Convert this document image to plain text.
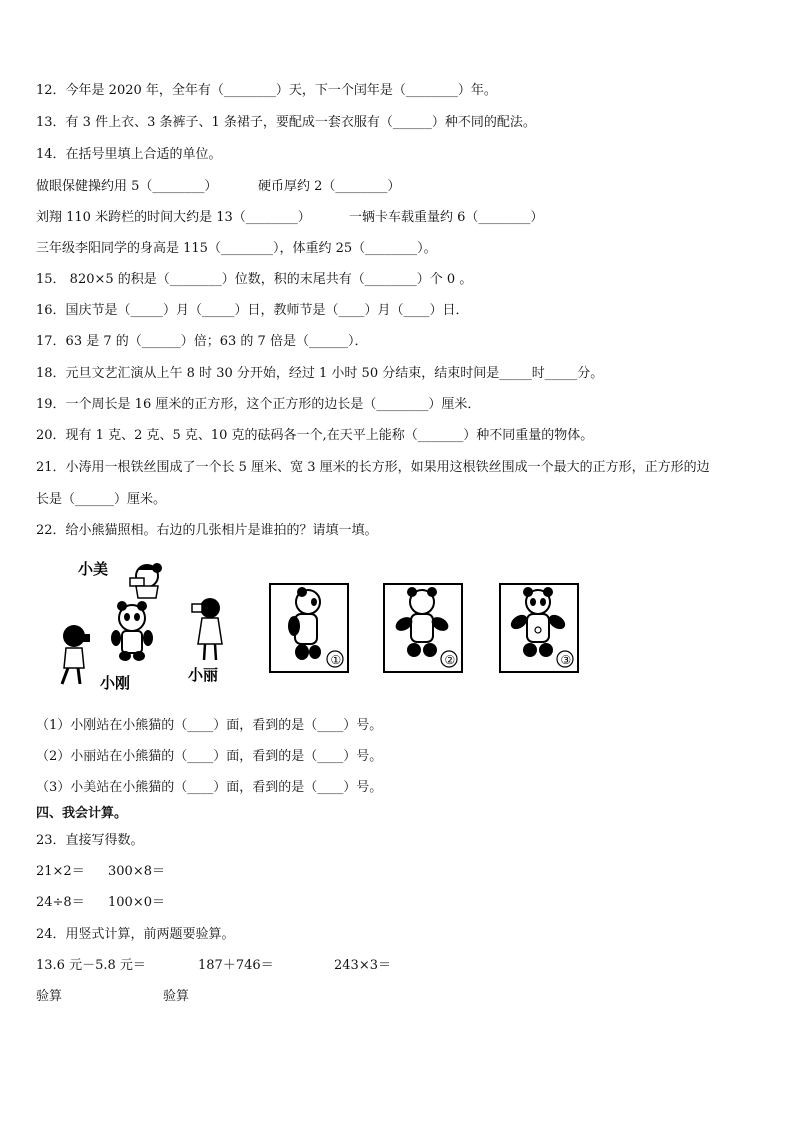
12．今年是 2020 年，全年有（________）天，下一个闰年是（________）年。
13．有 3 件上衣、3 条裤子、1 条裙子，要配成一套衣服有（______）种不同的配法。
14．在括号里填上合适的单位。
做眼保健操约用 5（________）	硬币厚约 2（________）
刘翔 110 米跨栏的时间大约是 13（________）	一辆卡车载重量约 6（________）
三年级李阳同学的身高是 115（________），体重约 25（________）。
15． 820×5 的积是（________）位数，积的末尾共有（________）个 0 。
16．国庆节是（_____）月（_____）日，教师节是（____）月（____）日．
17．63 是 7 的（______）倍；63 的 7 倍是（______）．
18．元旦文艺汇演从上午 8 时 30 分开始，经过 1 小时 50 分结束，结束时间是_____时_____分。
19．一个周长是 16 厘米的正方形，这个正方形的边长是（________）厘米．
20．现有 1 克、2 克、5 克、10 克的砝码各一个,在天平上能称（_______）种不同重量的物体。
21．小涛用一根铁丝围成了一个长 5 厘米、宽 3 厘米的长方形，如果用这根铁丝围成一个最大的正方形，正方形的边
长是（______）厘米。
22．给小熊猫照相。右边的几张相片是谁拍的？请填一填。
小美
小刚	小丽
①	②	③
（1）小刚站在小熊猫的（____）面，看到的是（____）号。
（2）小丽站在小熊猫的（____）面，看到的是（____）号。
（3）小美站在小熊猫的（____）面，看到的是（____）号。
四、我会计算。
23．直接写得数。
21×2＝ 300×8＝
24÷8＝ 100×0＝
24．用竖式计算，前两题要验算。
13.6 元－5.8 元＝	187＋746＝	243×3＝
验算	验算
